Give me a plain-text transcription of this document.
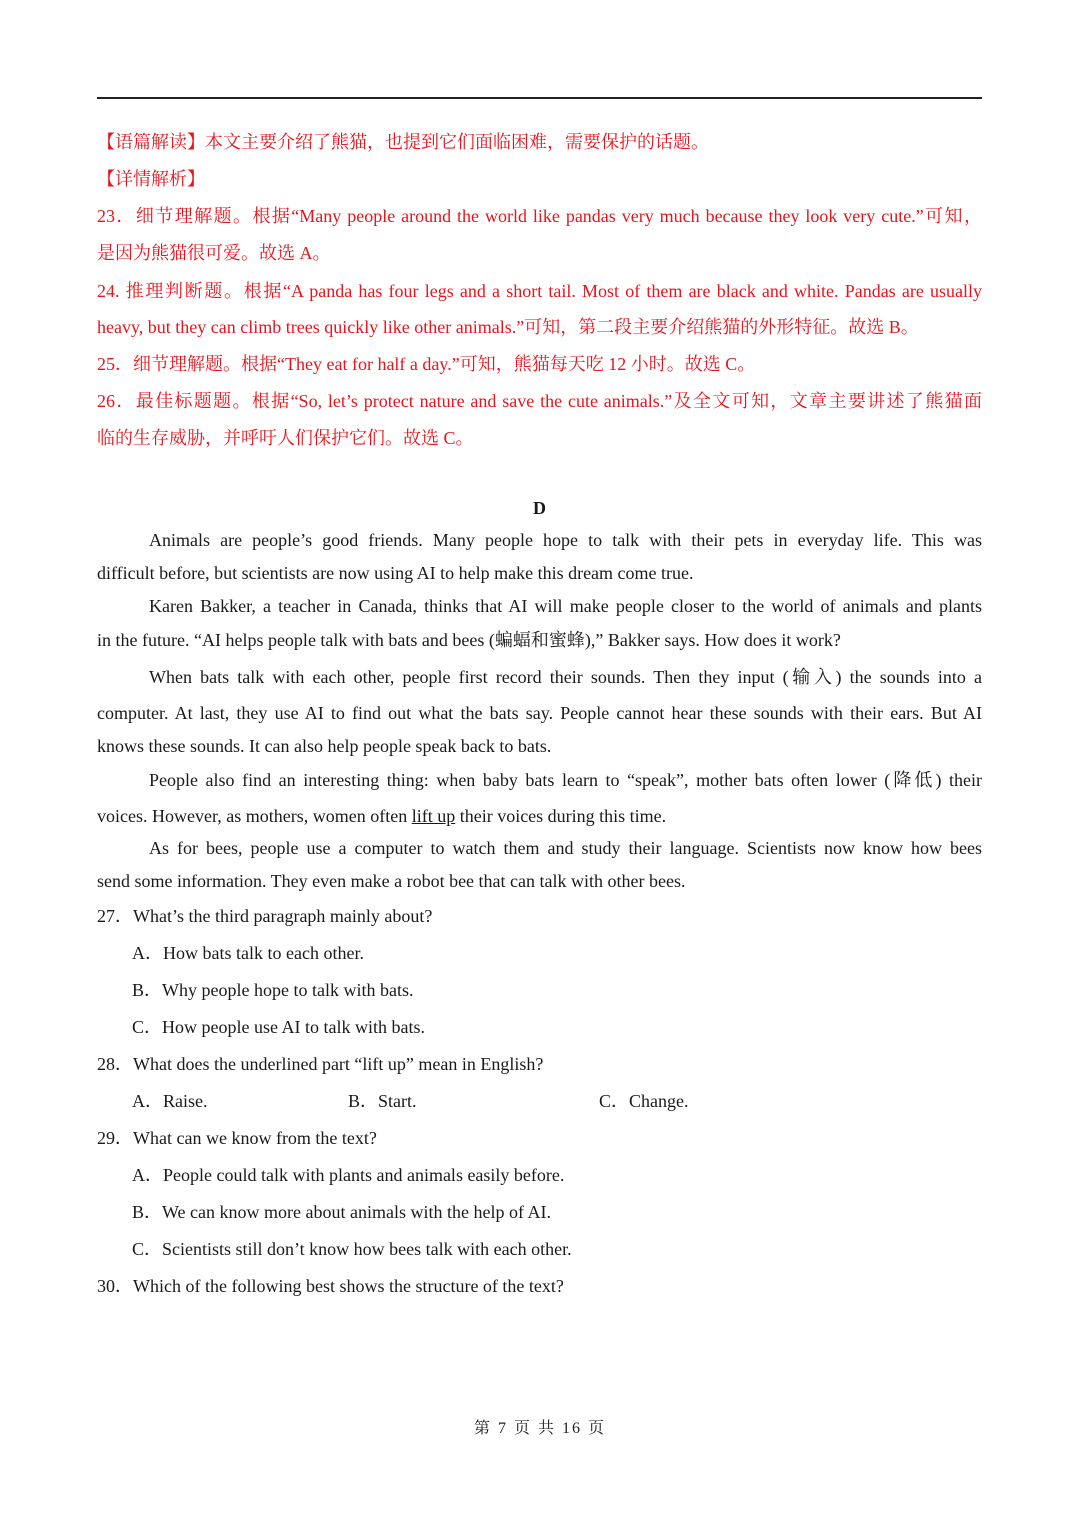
【语篇解读】本文主要介绍了熊猫，也提到它们面临困难，需要保护的话题。
【详情解析】
23．细节理解题。根据“Many people around the world like pandas very much because they look very cute.”可知，
是因为熊猫很可爱。故选 A。
24. 推理判断题。根据“A panda has four legs and a short tail. Most of them are black and white. Pandas are usually
heavy, but they can climb trees quickly like other animals.”可知，第二段主要介绍熊猫的外形特征。故选 B。
25．细节理解题。根据“They eat for half a day.”可知，熊猫每天吃 12 小时。故选 C。
26．最佳标题题。根据“So, let’s protect nature and save the cute animals.”及全文可知，文章主要讲述了熊猫面
临的生存威胁，并呼吁人们保护它们。故选 C。
D
Animals are people’s good friends. Many people hope to talk with their pets in everyday life. This was
difficult before, but scientists are now using AI to help make this dream come true.
Karen Bakker, a teacher in Canada, thinks that AI will make people closer to the world of animals and plants
in the future. “AI helps people talk with bats and bees (蝙蝠和蜜蜂),” Bakker says. How does it work?
When bats talk with each other, people first record their sounds. Then they input (输入) the sounds into a
computer. At last, they use AI to find out what the bats say. People cannot hear these sounds with their ears. But AI
knows these sounds. It can also help people speak back to bats.
People also find an interesting thing: when baby bats learn to “speak”, mother bats often lower (降低) their
voices. However, as mothers, women often lift up their voices during this time.
As for bees, people use a computer to watch them and study their language. Scientists now know how bees
send some information. They even make a robot bee that can talk with other bees.
27．What’s the third paragraph mainly about?
A．How bats talk to each other.
B．Why people hope to talk with bats.
C．How people use AI to talk with bats.
28．What does the underlined part “lift up” mean in English?
A．Raise.	B．Start.	C．Change.
29．What can we know from the text?
A．People could talk with plants and animals easily before.
B．We can know more about animals with the help of AI.
C．Scientists still don’t know how bees talk with each other.
30．Which of the following best shows the structure of the text?
第 7 页 共 16 页
